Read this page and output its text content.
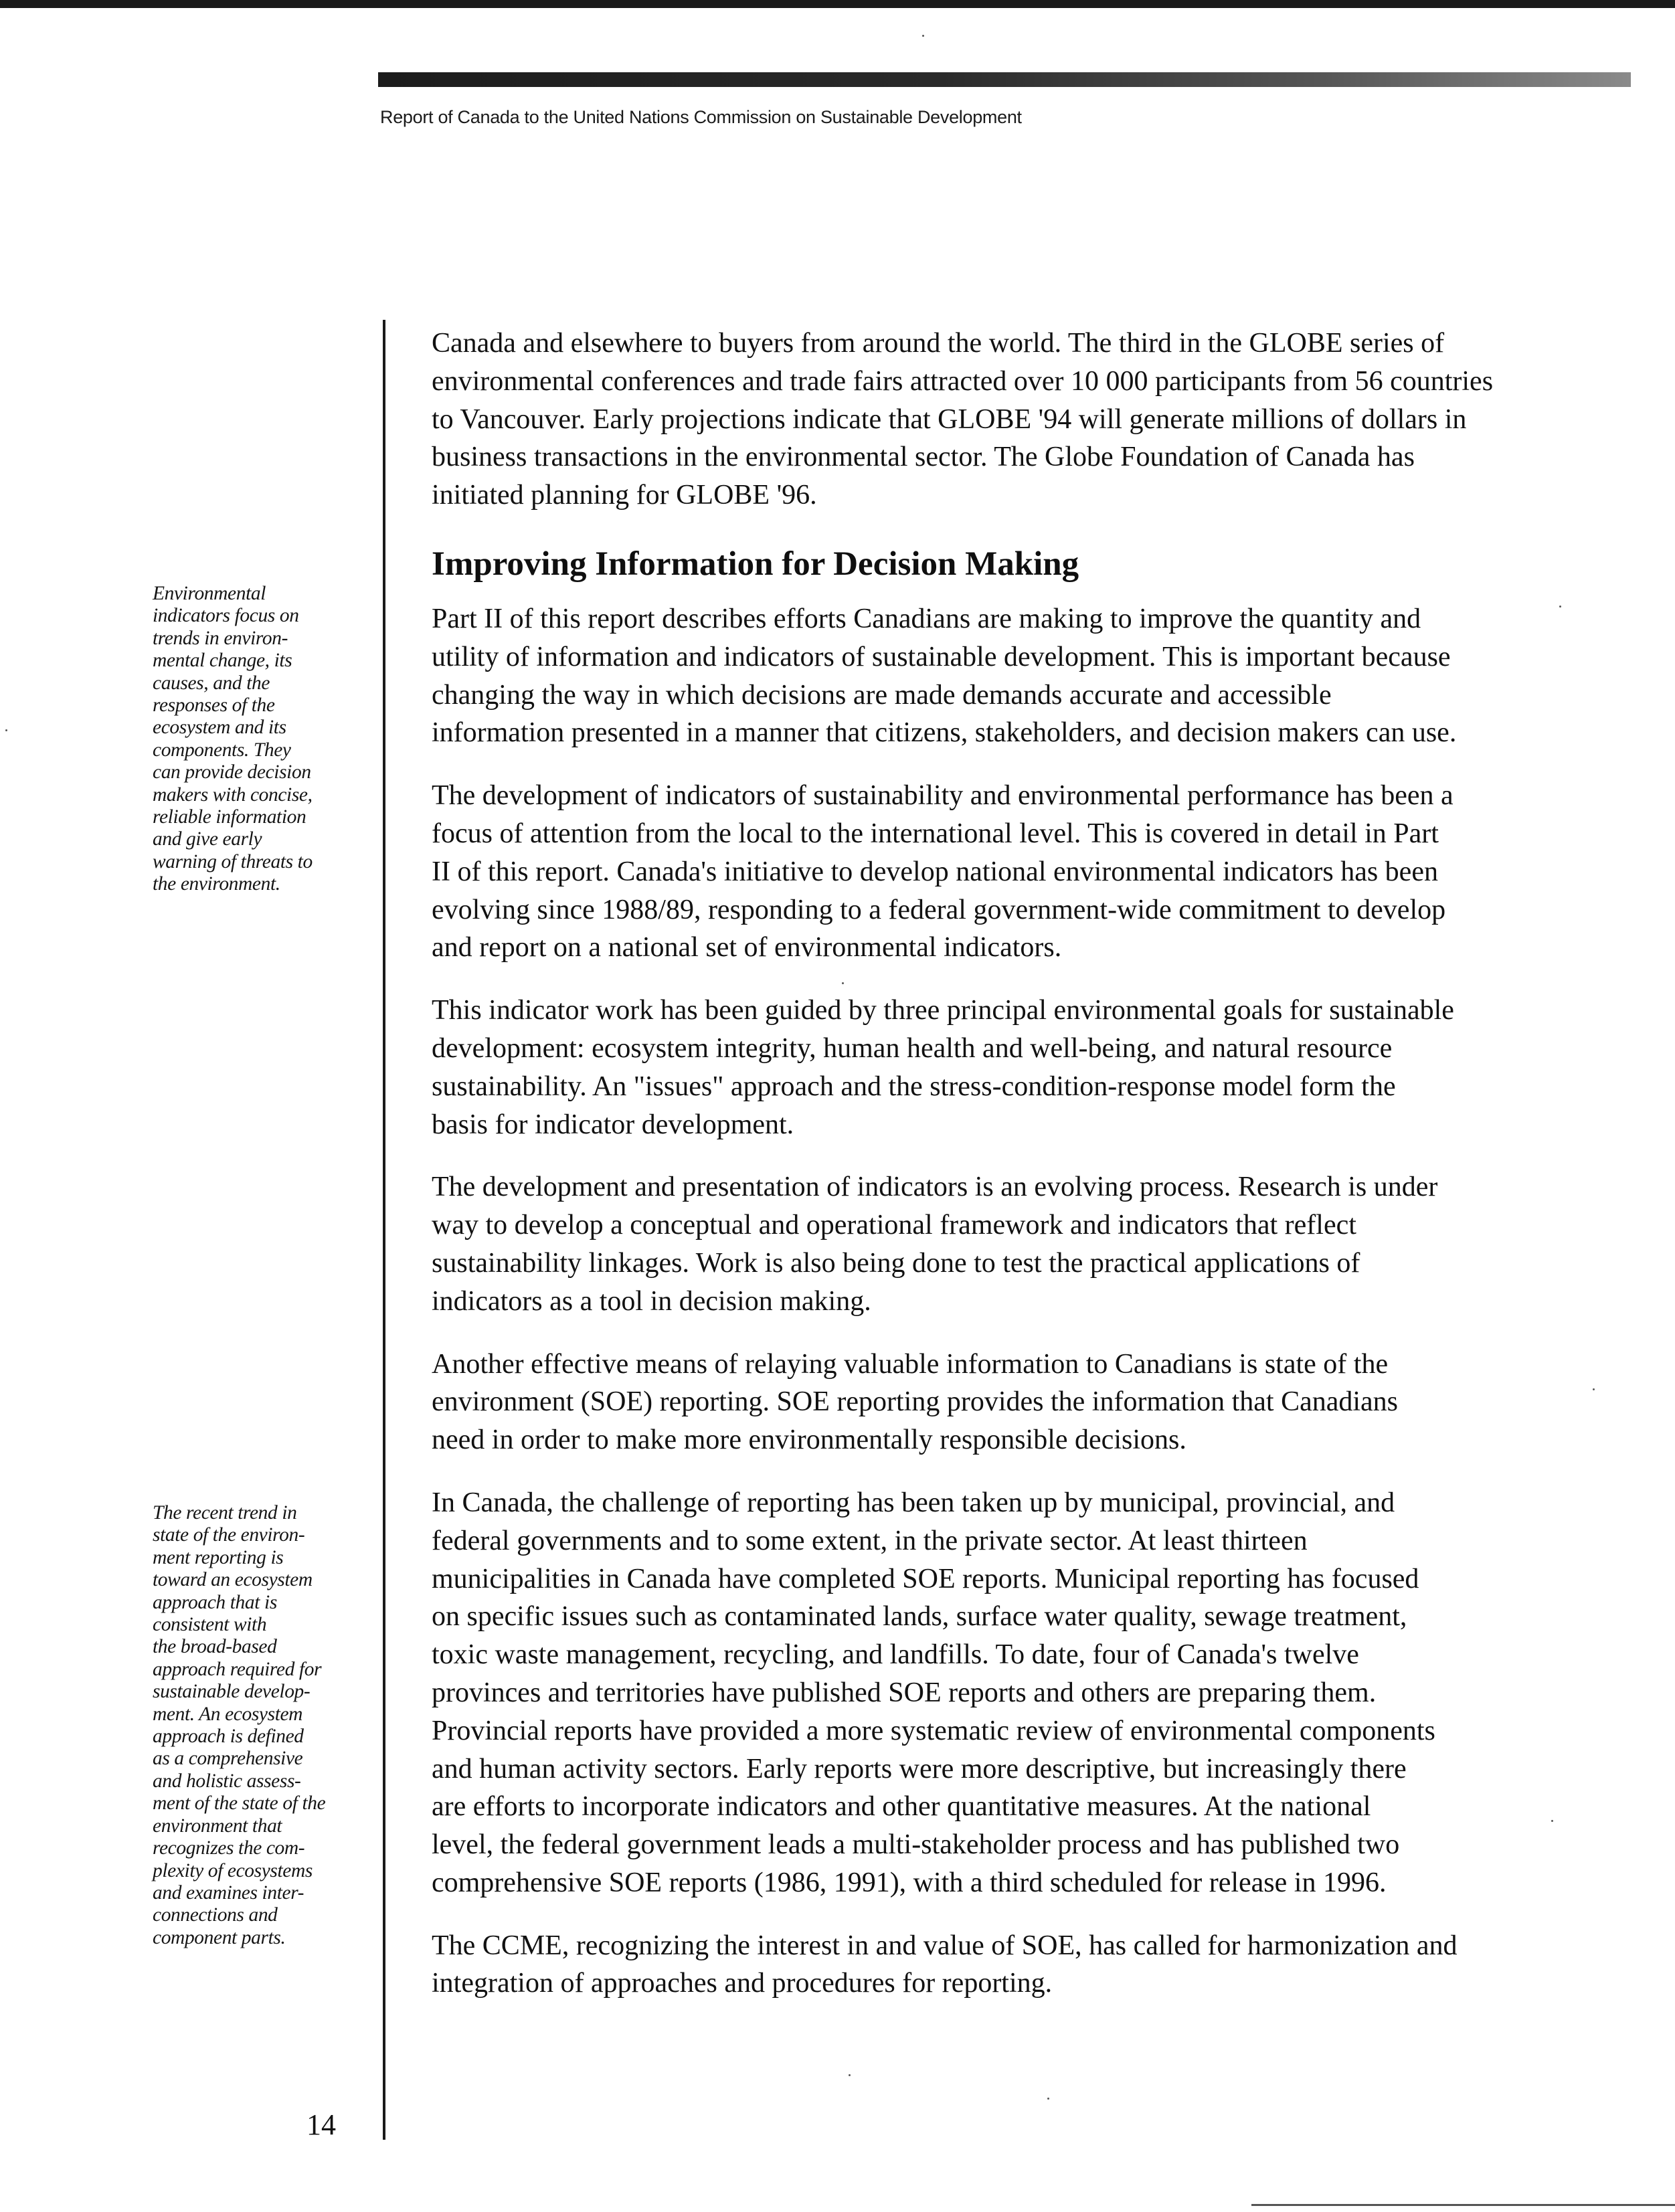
Report of Canada to the United Nations Commission on Sustainable Development
Environmental
indicators focus on
trends in environ-
mental change, its
causes, and the
responses of the
ecosystem and its
components. They
can provide decision
makers with concise,
reliable information
and give early
warning of threats to
the environment.
The recent trend in
state of the environ-
ment reporting is
toward an ecosystem
approach that is
consistent with
the broad-based
approach required for
sustainable develop-
ment. An ecosystem
approach is defined
as a comprehensive
and holistic assess-
ment of the state of the
environment that
recognizes the com-
plexity of ecosystems
and examines inter-
connections and
component parts.

Canada and elsewhere to buyers from around the world. The third in the GLOBE series of
environmental conferences and trade fairs attracted over 10 000 participants from 56 countries
to Vancouver. Early projections indicate that GLOBE '94 will generate millions of dollars in
business transactions in the environmental sector. The Globe Foundation of Canada has
initiated planning for GLOBE '96.

Improving Information for Decision Making

Part II of this report describes efforts Canadians are making to improve the quantity and
utility of information and indicators of sustainable development. This is important because
changing the way in which decisions are made demands accurate and accessible
information presented in a manner that citizens, stakeholders, and decision makers can use.

The development of indicators of sustainability and environmental performance has been a
focus of attention from the local to the international level. This is covered in detail in Part
II of this report. Canada's initiative to develop national environmental indicators has been
evolving since 1988/89, responding to a federal government-wide commitment to develop
and report on a national set of environmental indicators.

This indicator work has been guided by three principal environmental goals for sustainable
development: ecosystem integrity, human health and well-being, and natural resource
sustainability. An "issues" approach and the stress-condition-response model form the
basis for indicator development.

The development and presentation of indicators is an evolving process. Research is under
way to develop a conceptual and operational framework and indicators that reflect
sustainability linkages. Work is also being done to test the practical applications of
indicators as a tool in decision making.

Another effective means of relaying valuable information to Canadians is state of the
environment (SOE) reporting. SOE reporting provides the information that Canadians
need in order to make more environmentally responsible decisions.

In Canada, the challenge of reporting has been taken up by municipal, provincial, and
federal governments and to some extent, in the private sector. At least thirteen
municipalities in Canada have completed SOE reports. Municipal reporting has focused
on specific issues such as contaminated lands, surface water quality, sewage treatment,
toxic waste management, recycling, and landfills. To date, four of Canada's twelve
provinces and territories have published SOE reports and others are preparing them.
Provincial reports have provided a more systematic review of environmental components
and human activity sectors. Early reports were more descriptive, but increasingly there
are efforts to incorporate indicators and other quantitative measures. At the national
level, the federal government leads a multi-stakeholder process and has published two
comprehensive SOE reports (1986, 1991), with a third scheduled for release in 1996.

The CCME, recognizing the interest in and value of SOE, has called for harmonization and
integration of approaches and procedures for reporting.

14
